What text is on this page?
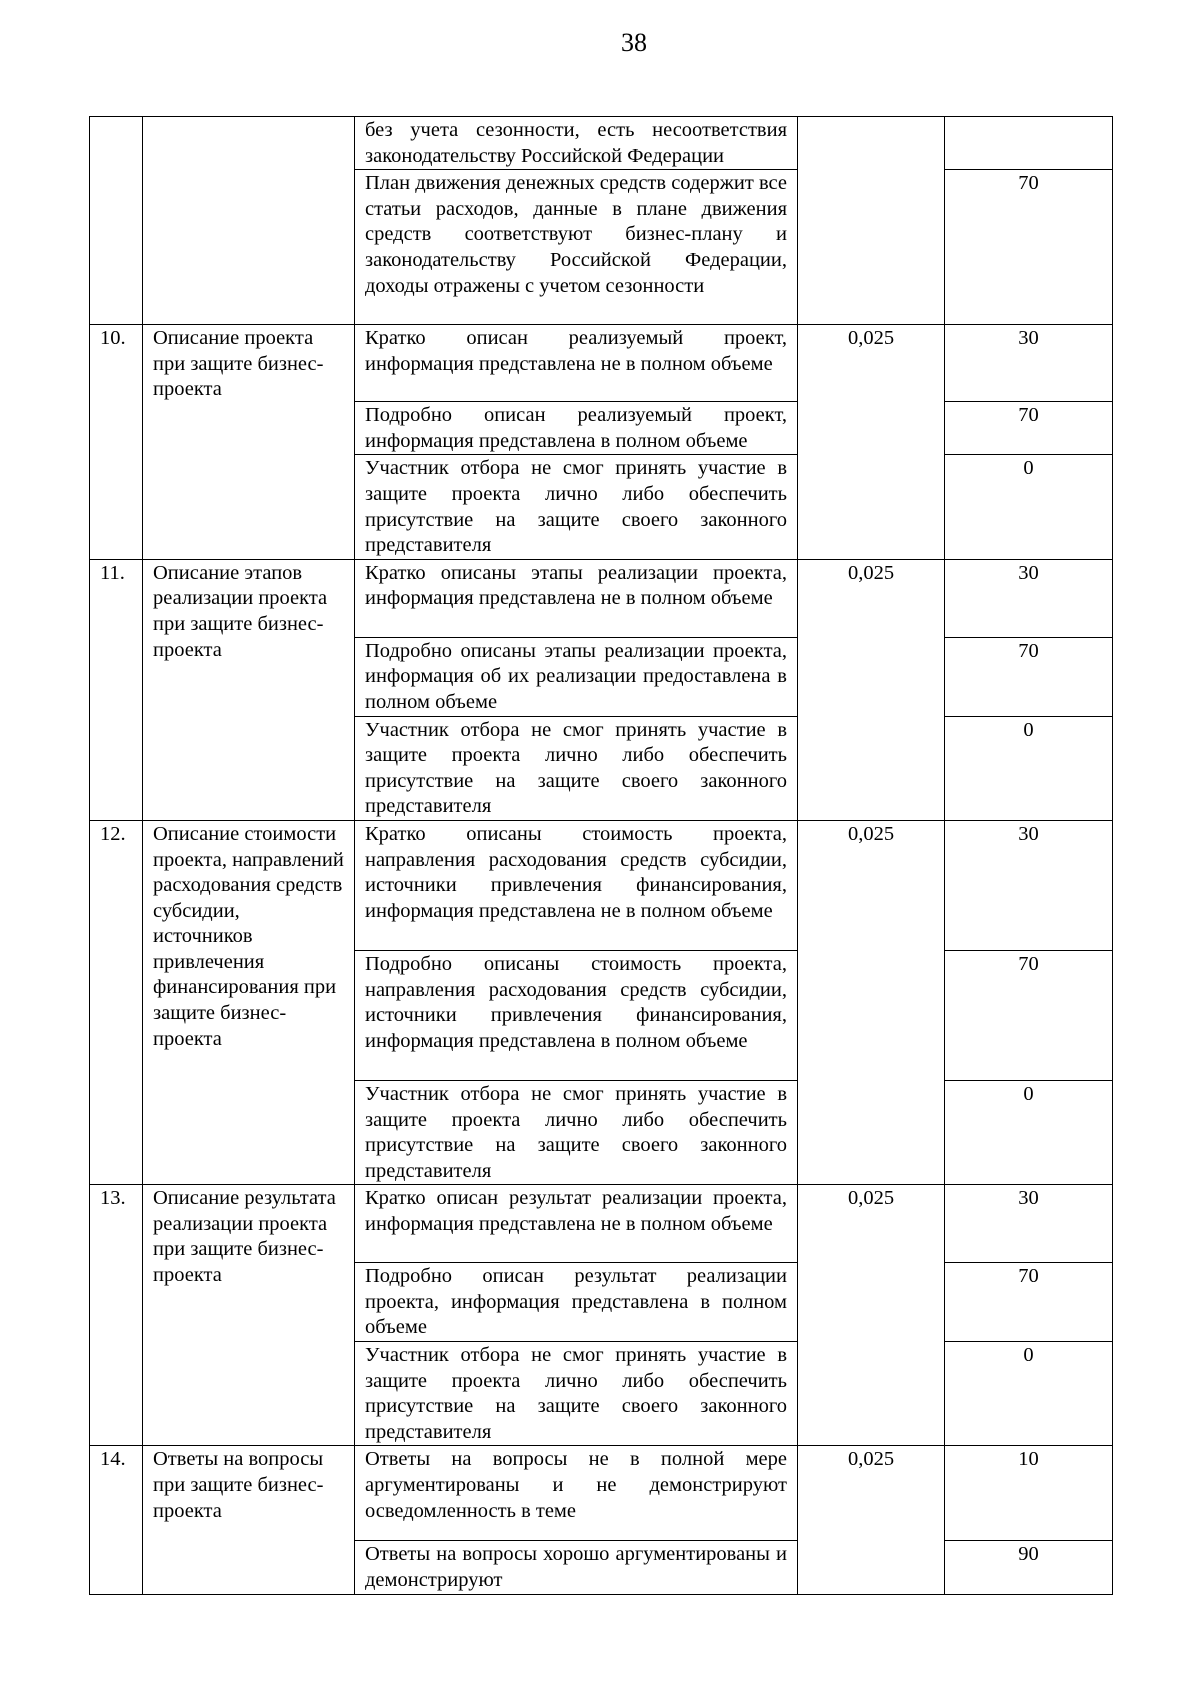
38
		без учета сезонности, есть несоответствия законодательству Российской Федерации		
		План движения денежных средств содержит все статьи расходов, данные в плане движения средств соответствуют бизнес-плану и законодательству Российской Федерации, доходы отражены с учетом сезонности		70
10.	Описание проекта при защите бизнес-проекта	Кратко описан реализуемый проект, информация представлена не в полном объеме	0,025	30
		Подробно описан реализуемый проект, информация представлена в полном объеме		70
		Участник отбора не смог принять участие в защите проекта лично либо обеспечить присутствие на защите своего законного представителя		0
11.	Описание этапов реализации проекта при защите бизнес-проекта	Кратко описаны этапы реализации проекта, информация представлена не в полном объеме	0,025	30
		Подробно описаны этапы реализации проекта, информация об их реализации предоставлена в полном объеме		70
		Участник отбора не смог принять участие в защите проекта лично либо обеспечить присутствие на защите своего законного представителя		0
12.	Описание стоимости проекта, направлений расходования средств субсидии, источников привлечения финансирования при защите бизнес-проекта	Кратко описаны стоимость проекта, направления расходования средств субсидии, источники привлечения финансирования, информация представлена не в полном объеме	0,025	30
		Подробно описаны стоимость проекта, направления расходования средств субсидии, источники привлечения финансирования, информация представлена в полном объеме		70
		Участник отбора не смог принять участие в защите проекта лично либо обеспечить присутствие на защите своего законного представителя		0
13.	Описание результата реализации проекта при защите бизнес-проекта	Кратко описан результат реализации проекта, информация представлена не в полном объеме	0,025	30
		Подробно описан результат реализации проекта, информация представлена в полном объеме		70
		Участник отбора не смог принять участие в защите проекта лично либо обеспечить присутствие на защите своего законного представителя		0
14.	Ответы на вопросы при защите бизнес-проекта	Ответы на вопросы не в полной мере аргументированы и не демонстрируют осведомленность в теме	0,025	10
		Ответы на вопросы хорошо аргументированы и демонстрируют		90
